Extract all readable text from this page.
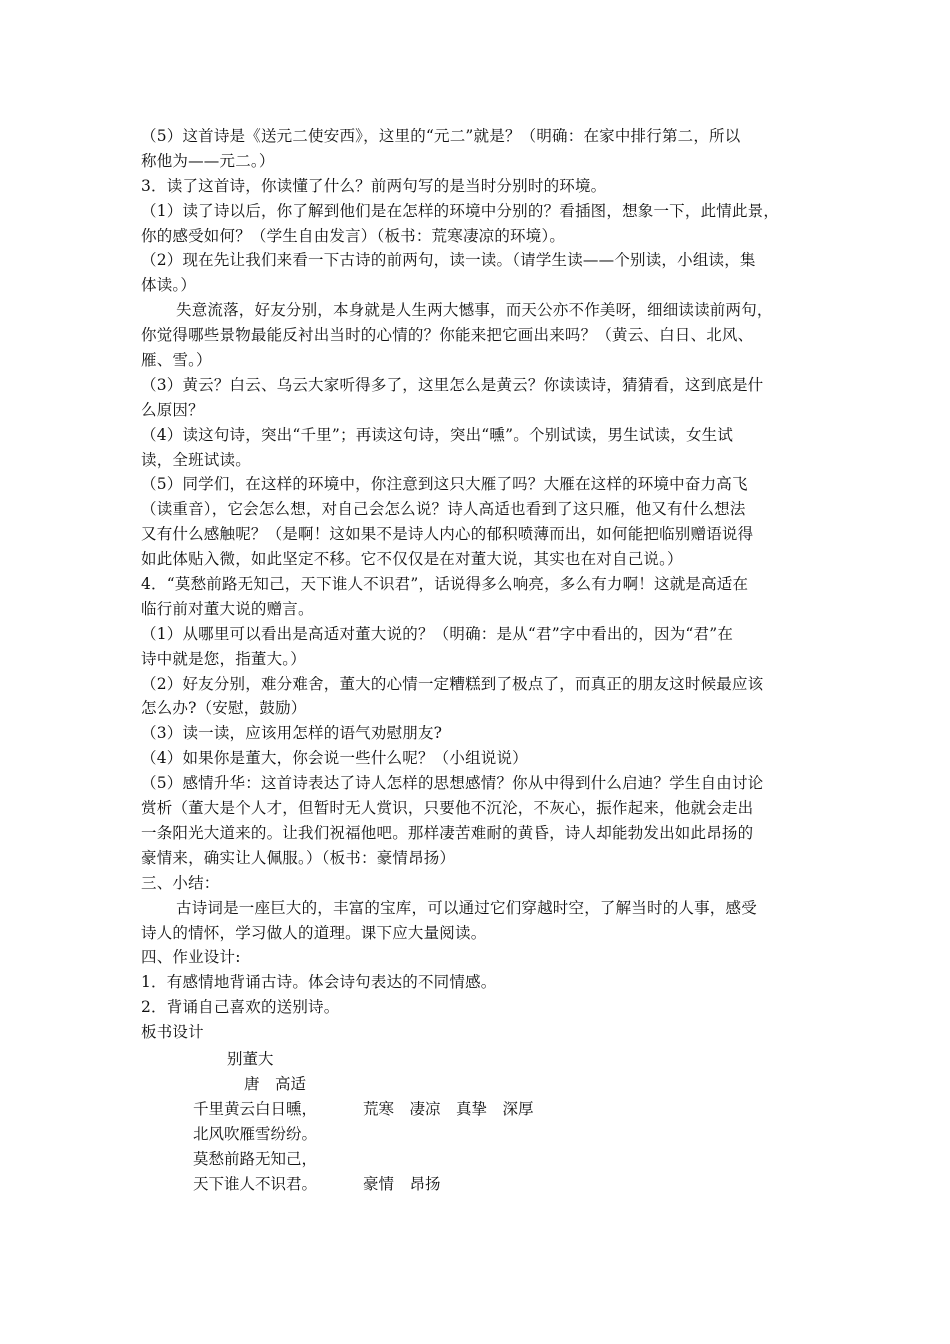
（5）这首诗是《送元二使安西》，这里的“元二”就是？（明确：在家中排行第二，所以
称他为——元二。）
3．读了这首诗，你读懂了什么？前两句写的是当时分别时的环境。
（1）读了诗以后，你了解到他们是在怎样的环境中分别的？看插图，想象一下，此情此景，
你的感受如何？（学生自由发言）（板书：荒寒凄凉的环境）。
（2）现在先让我们来看一下古诗的前两句，读一读。（请学生读——个别读，小组读，集
体读。）
失意流落，好友分别，本身就是人生两大憾事，而天公亦不作美呀，细细读读前两句，
你觉得哪些景物最能反衬出当时的心情的？你能来把它画出来吗？（黄云、白日、北风、
雁、雪。）
（3）黄云？白云、乌云大家听得多了，这里怎么是黄云？你读读诗，猜猜看，这到底是什
么原因？
（4）读这句诗，突出“千里”；再读这句诗，突出“曛”。个别试读，男生试读，女生试
读，全班试读。
（5）同学们，在这样的环境中，你注意到这只大雁了吗？大雁在这样的环境中奋力高飞
（读重音），它会怎么想，对自己会怎么说？诗人高适也看到了这只雁，他又有什么想法
又有什么感触呢？（是啊！这如果不是诗人内心的郁积喷薄而出，如何能把临别赠语说得
如此体贴入微，如此坚定不移。它不仅仅是在对董大说，其实也在对自己说。）
4．“莫愁前路无知己，天下谁人不识君”，话说得多么响亮，多么有力啊！这就是高适在
临行前对董大说的赠言。
（1）从哪里可以看出是高适对董大说的？（明确：是从“君”字中看出的，因为“君”在
诗中就是您，指董大。）
（2）好友分别，难分难舍，董大的心情一定糟糕到了极点了，而真正的朋友这时候最应该
怎么办?（安慰，鼓励）
（3）读一读，应该用怎样的语气劝慰朋友?
（4）如果你是董大，你会说一些什么呢？（小组说说）
（5）感情升华：这首诗表达了诗人怎样的思想感情？你从中得到什么启迪？学生自由讨论
赏析（董大是个人才，但暂时无人赏识，只要他不沉沦，不灰心，振作起来，他就会走出
一条阳光大道来的。让我们祝福他吧。那样凄苦难耐的黄昏，诗人却能勃发出如此昂扬的
豪情来，确实让人佩服。）（板书：豪情昂扬）
三、小结：
古诗词是一座巨大的，丰富的宝库，可以通过它们穿越时空，了解当时的人事，感受
诗人的情怀，学习做人的道理。课下应大量阅读。
四、作业设计:
1．有感情地背诵古诗。体会诗句表达的不同情感。
2．背诵自己喜欢的送别诗。
板书设计
别董大
唐　高适
千里黄云白日曛，
北风吹雁雪纷纷。
莫愁前路无知己，
天下谁人不识君。
荒寒　凄凉　真挚　深厚
豪情　昂扬
